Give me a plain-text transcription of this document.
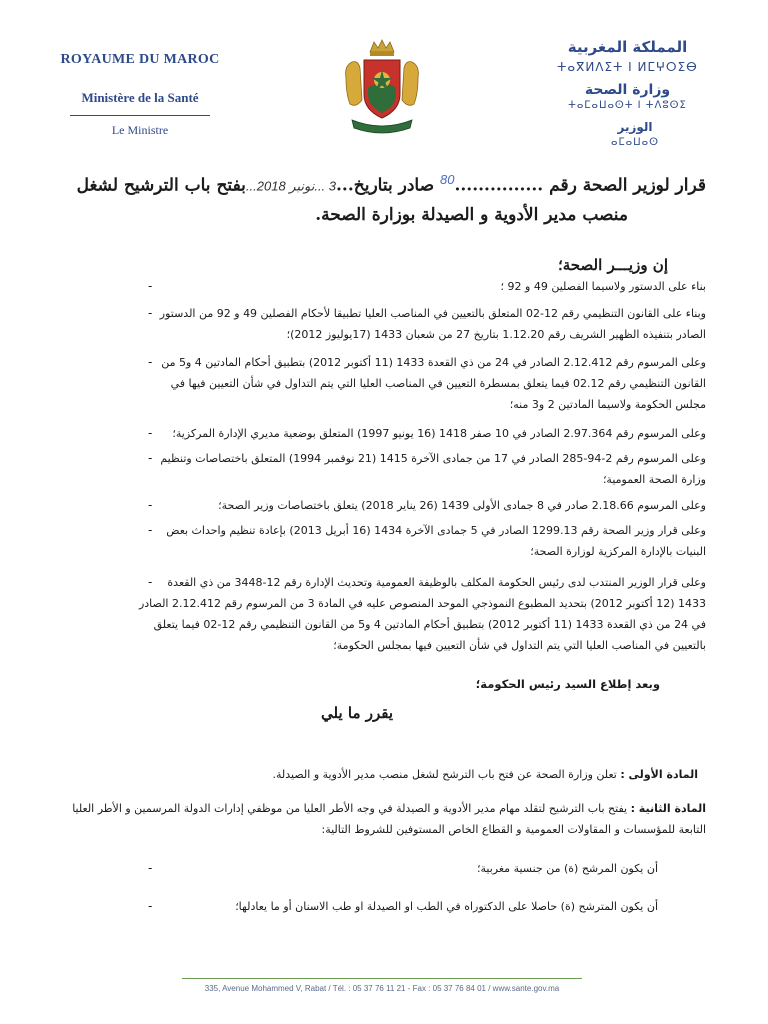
ROYAUME DU MAROC
Ministère de la Santé
Le Ministre
المملكة المغربية
ⵜⴰⴳⵍⴷⵉⵜ ⵏ ⵍⵎⵖⵔⵉⴱ
وزارة الصحة
ⵜⴰⵎⴰⵡⴰⵙⵜ ⵏ ⵜⴷⵓⵙⵉ
الوزير
ⴰⵎⴰⵡⴰⵙ
قرار لوزير الصحة رقم ...............$^{80}$ صادر بتاريخ...3 ...نونبر 2018...بفتح باب الترشيح لشغل
منصب مدير الأدوية و الصيدلة بوزارة الصحة.
إن وزيـــر الصحة؛
-	بناء على الدستور ولاسيما الفصلين 49 و 92 ؛
- وبناء على القانون التنظيمي رقم 12-02 المتعلق بالتعيين في المناصب العليا تطبيقا لأحكام الفصلين 49 و 92 من الدستور الصادر بتنفيذه الظهير الشريف رقم 1.12.20 بتاريخ 27 من شعبان 1433 (17يوليوز 2012)؛
- وعلى المرسوم رقم 2.12.412 الصادر في 24 من ذي القعدة 1433 (11 أكتوبر 2012) بتطبيق أحكام المادتين 4 و5 من القانون التنظيمي رقم 02.12 فيما يتعلق بمسطرة التعيين في المناصب العليا التي يتم التداول في شأن التعيين فيها في مجلس الحكومة ولاسيما المادتين 2 و3 منه؛
-	وعلى المرسوم رقم 2.97.364 الصادر في 10 صفر 1418 (16 يونيو 1997) المتعلق بوضعية مديري الإدارة المركزية؛
- وعلى المرسوم رقم 2-94-285 الصادر في 17 من جمادى الآخرة 1415 (21 نوفمبر 1994) المتعلق باختصاصات وتنظيم وزارة الصحة العمومية؛
-	وعلى المرسوم 2.18.66 صادر في 8 جمادى الأولى 1439 (26 يناير 2018) يتعلق باختصاصات وزير الصحة؛
-	وعلى قرار وزير الصحة رقم 1299.13 الصادر في 5 جمادى الآخرة 1434 (16 أبريل 2013) بإعادة تنظيم واحداث بعض البنيات بالإدارة المركزية لوزارة الصحة؛
-	وعلى قرار الوزير المنتدب لدى رئيس الحكومة المكلف بالوظيفة العمومية وتحديث الإدارة رقم 12-3448 من ذي القعدة 1433 (12 أكتوبر 2012) بتحديد المطبوع النموذجي الموحد المنصوص عليه في المادة 3 من المرسوم رقم 2.12.412 الصادر في 24 من ذي القعدة 1433 (11 أكتوبر 2012) بتطبيق أحكام المادتين 4 و5 من القانون التنظيمي رقم 12-02 فيما يتعلق بالتعيين في المناصب العليا التي يتم التداول في شأن التعيين فيها بمجلس الحكومة؛
وبعد إطلاع السيد رئيس الحكومة؛
يقرر ما يلي
المادة الأولى : تعلن وزارة الصحة عن فتح باب الترشح لشغل منصب مدير الأدوية و الصيدلة.
المادة الثانية : يفتح باب الترشيح لتقلد مهام مدير الأدوية و الصيدلة في وجه الأطر العليا من موظفي إدارات الدولة المرسمين و الأطر العليا التابعة للمؤسسات و المقاولات العمومية و القطاع الخاص المستوفين للشروط التالية:
-	أن يكون المرشح (ة) من جنسية مغربية؛
-	أن يكون المترشح (ة) حاصلا على الدكتوراه في الطب او الصيدلة او طب الاسنان أو ما يعادلها؛
335, Avenue Mohammed V, Rabat / Tél. : 05 37 76 11 21 - Fax : 05 37 76 84 01 / www.sante.gov.ma
